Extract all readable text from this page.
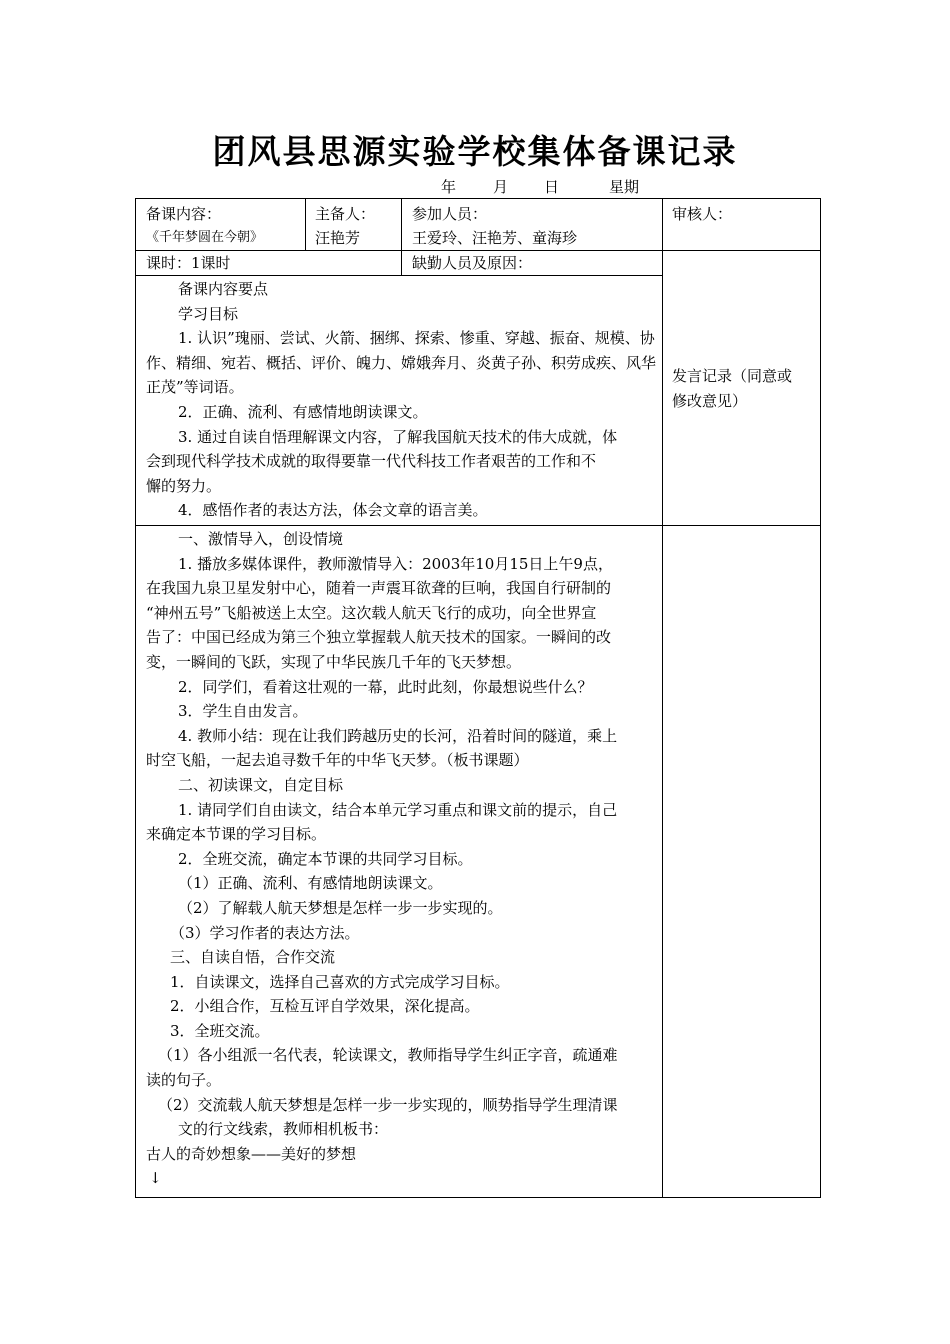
团风县思源实验学校集体备课记录
年 月 日	星期
备课内容：
《千年梦圆在今朝》
主备人：
汪艳芳
参加人员：
王爱玲、汪艳芳、童海珍
审核人：
课时：1课时	缺勤人员及原因：
发言记录（同意或
修改意见）

备课内容要点

学习目标

1. 认识”瑰丽、尝试、火箭、捆绑、探索、惨重、穿越、振奋、规模、协

作、精细、宛若、概括、评价、魄力、嫦娥奔月、炎黄子孙、积劳成疾、风华

正茂”等词语。

2．正确、流利、有感情地朗读课文。

3. 通过自读自悟理解课文内容，了解我国航天技术的伟大成就，体

会到现代科学技术成就的取得要靠一代代科技工作者艰苦的工作和不

懈的努力。

4．感悟作者的表达方法，体会文章的语言美。

一、激情导入，创设情境

1. 播放多媒体课件，教师激情导入：2003年10月15日上午9点，

在我国九泉卫星发射中心，随着一声震耳欲聋的巨响，我国自行研制的

“神州五号”飞船被送上太空。这次载人航天飞行的成功，向全世界宣

告了：中国已经成为第三个独立掌握载人航天技术的国家。一瞬间的改

变，一瞬间的飞跃，实现了中华民族几千年的飞天梦想。

2．同学们，看着这壮观的一幕，此时此刻，你最想说些什么？

3．学生自由发言。

4. 教师小结：现在让我们跨越历史的长河，沿着时间的隧道，乘上

时空飞船，一起去追寻数千年的中华飞天梦。（板书课题）

二、初读课文，自定目标

1. 请同学们自由读文，结合本单元学习重点和课文前的提示，自己

来确定本节课的学习目标。

2．全班交流，确定本节课的共同学习目标。

（1）正确、流利、有感情地朗读课文。

（2）了解载人航天梦想是怎样一步一步实现的。

（3）学习作者的表达方法。

三、自读自悟，合作交流

1．自读课文，选择自己喜欢的方式完成学习目标。

2．小组合作，互检互评自学效果，深化提高。

3．全班交流。

（1）各小组派一名代表，轮读课文，教师指导学生纠正字音，疏通难

读的句子。

（2）交流载人航天梦想是怎样一步一步实现的，顺势指导学生理清课

文的行文线索，教师相机板书：

古人的奇妙想象——美好的梦想

↓
